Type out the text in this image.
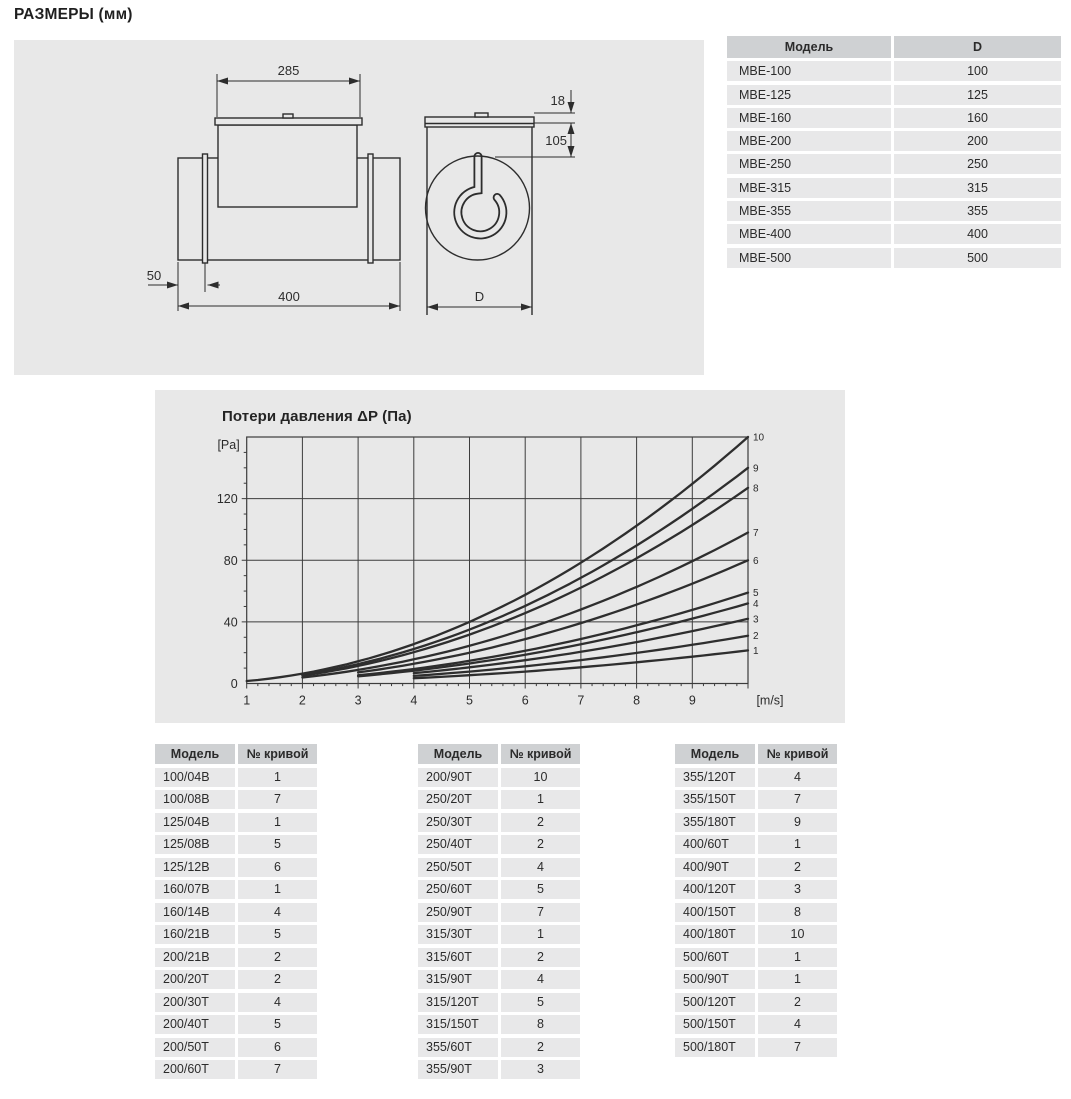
РАЗМЕРЫ (мм)
285
50
400
18
105
D
Модель	D
МВЕ-100	100
МВЕ-125	125
МВЕ-160	160
МВЕ-200	200
МВЕ-250	250
МВЕ-315	315
МВЕ-355	355
МВЕ-400	400
МВЕ-500	500
Потери давления ΔP (Па)
1	2	3	4	5	6	7	8	9	[m/s]
0
40
80
120
[Pa]
1
2
3
4
5
6
7
8
9
10
Модель	№ кривой
100/04В	1
100/08В	7
125/04В	1
125/08В	5
125/12В	6
160/07В	1
160/14В	4
160/21В	5
200/21В	2
200/20Т	2
200/30Т	4
200/40Т	5
200/50Т	6
200/60Т	7
Модель	№ кривой
200/90Т	10
250/20Т	1
250/30Т	2
250/40Т	2
250/50Т	4
250/60Т	5
250/90Т	7
315/30Т	1
315/60Т	2
315/90Т	4
315/120Т	5
315/150Т	8
355/60Т	2
355/90Т	3
Модель	№ кривой
355/120Т	4
355/150Т	7
355/180Т	9
400/60Т	1
400/90Т	2
400/120Т	3
400/150Т	8
400/180Т	10
500/60Т	1
500/90Т	1
500/120Т	2
500/150Т	4
500/180Т	7
